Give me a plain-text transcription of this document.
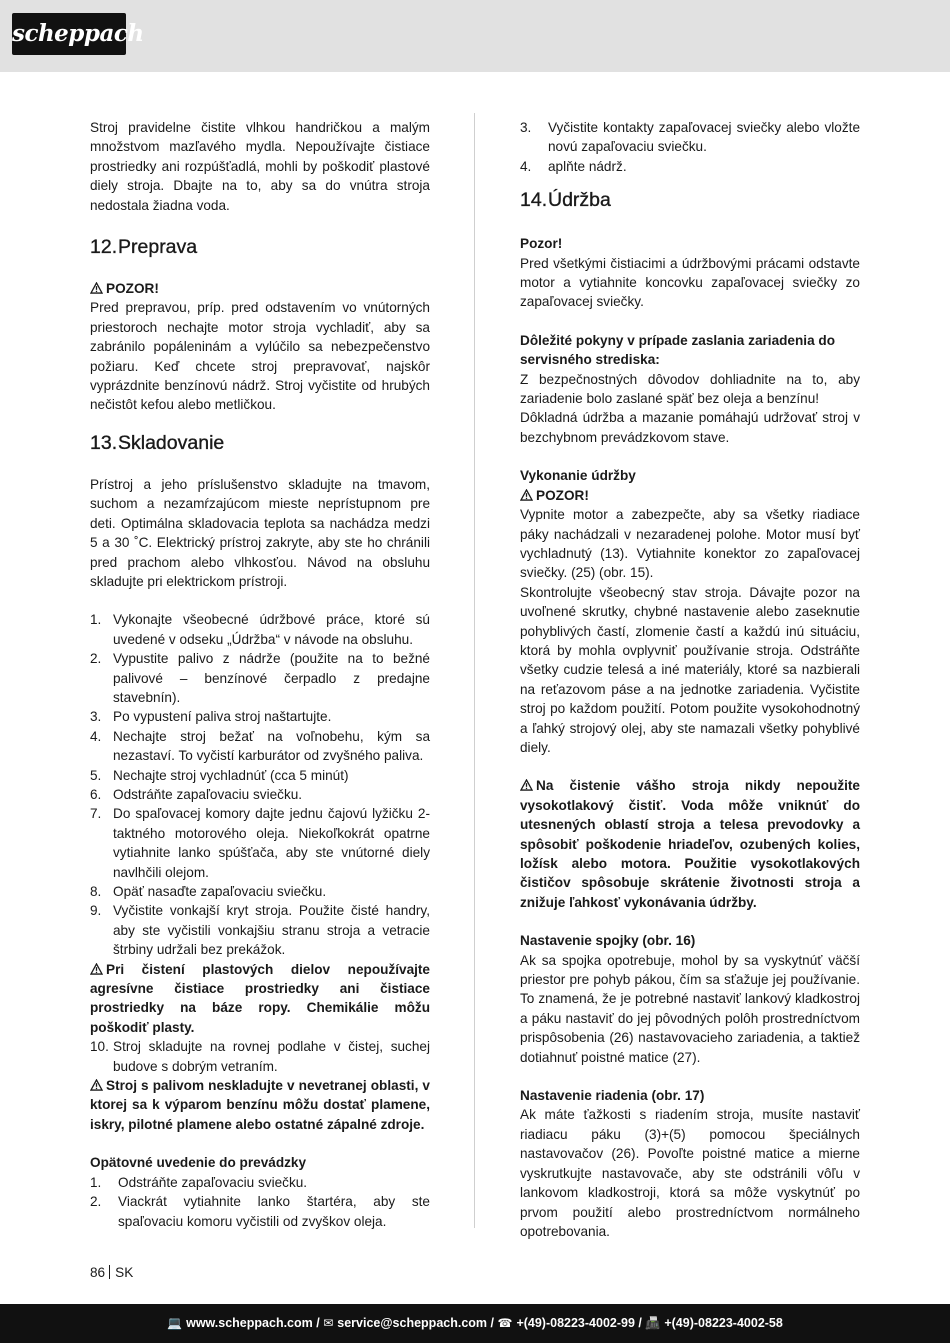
scheppach

Stroj pravidelne čistite vlhkou handričkou a malým množstvom mazľavého mydla. Nepoužívajte čistiace prostriedky ani rozpúšťadlá, mohli by poškodiť plastové diely stroja. Dbajte na to, aby sa do vnútra stroja nedostala žiadna voda.

12.Preprava

POZOR!

Pred prepravou, príp. pred odstavením vo vnútorných priestoroch nechajte motor stroja vychladiť, aby sa zabránilo popáleninám a vylúčilo sa nebezpečenstvo požiaru. Keď chcete stroj prepravovať, najskôr vyprázdnite benzínovú nádrž. Stroj vyčistite od hrubých nečistôt kefou alebo metličkou.

13.Skladovanie

Prístroj a jeho príslušenstvo skladujte na tmavom, suchom a nezamŕzajúcom mieste neprístupnom pre deti. Optimálna skladovacia teplota sa nachádza medzi 5 a 30 ˚C. Elektrický prístroj zakryte, aby ste ho chránili pred prachom alebo vlhkosťou. Návod na obsluhu skladujte pri elektrickom prístroji.

1. Vykonajte všeobecné údržbové práce, ktoré sú uvedené v odseku „Údržba“ v návode na obsluhu.
2. Vypustite palivo z nádrže (použite na to bežné palivové – benzínové čerpadlo z predajne stavebnín).
3. Po vypustení paliva stroj naštartujte.
4. Nechajte stroj bežať na voľnobehu, kým sa nezastaví. To vyčistí karburátor od zvyšného paliva.
5. Nechajte stroj vychladnúť (cca 5 minút)
6. Odstráňte zapaľovaciu sviečku.
7. Do spaľovacej komory dajte jednu čajovú lyžičku 2-taktného motorového oleja. Niekoľkokrát opatrne vytiahnite lanko spúšťača, aby ste vnútorné diely navlhčili olejom.
8. Opäť nasaďte zapaľovaciu sviečku.
9. Vyčistite vonkajší kryt stroja. Použite čisté handry, aby ste vyčistili vonkajšiu stranu stroja a vetracie štrbiny udržali bez prekážok.

Pri čistení plastových dielov nepoužívajte agresívne čistiace prostriedky ani čistiace prostriedky na báze ropy. Chemikálie môžu poškodiť plasty.

10. Stroj skladujte na rovnej podlahe v čistej, suchej budove s dobrým vetraním.

Stroj s palivom neskladujte v nevetranej oblasti, v ktorej sa k výparom benzínu môžu dostať plamene, iskry, pilotné plamene alebo ostatné zápalné zdroje.

Opätovné uvedenie do prevádzky

1. Odstráňte zapaľovaciu sviečku.
2. Viackrát vytiahnite lanko štartéra, aby ste spaľovaciu komoru vyčistili od zvyškov oleja.
3. Vyčistite kontakty zapaľovacej sviečky alebo vložte novú zapaľovaciu sviečku.
4. aplňte nádrž.
14.Údržba

Pozor!

Pred všetkými čistiacimi a údržbovými prácami odstavte motor a vytiahnite koncovku zapaľovacej sviečky zo zapaľovacej sviečky.

Dôležité pokyny v prípade zaslania zariadenia do servisného strediska:

Z bezpečnostných dôvodov dohliadnite na to, aby zariadenie bolo zaslané späť bez oleja a benzínu!

Dôkladná údržba a mazanie pomáhajú udržovať stroj v bezchybnom prevádzkovom stave.

Vykonanie údržby

POZOR!

Vypnite motor a zabezpečte, aby sa všetky riadiace páky nachádzali v nezaradenej polohe. Motor musí byť vychladnutý (13). Vytiahnite konektor zo zapaľovacej sviečky. (25) (obr. 15).

Skontrolujte všeobecný stav stroja. Dávajte pozor na uvoľnené skrutky, chybné nastavenie alebo zaseknutie pohyblivých častí, zlomenie častí a každú inú situáciu, ktorá by mohla ovplyvniť používanie stroja. Odstráňte všetky cudzie telesá a iné materiály, ktoré sa nazbierali na reťazovom páse a na jednotke zariadenia. Vyčistite stroj po každom použití. Potom použite vysokohodnotný a ľahký strojový olej, aby ste namazali všetky pohyblivé diely.

Na čistenie vášho stroja nikdy nepoužite vysokotlakový čistiť. Voda môže vniknúť do utesnených oblastí stroja a telesa prevodovky a spôsobiť poškodenie hriadeľov, ozubených kolies, ložísk alebo motora. Použitie vysokotlakových čističov spôsobuje skrátenie životnosti stroja a znižuje ľahkosť vykonávania údržby.

Nastavenie spojky (obr. 16)

Ak sa spojka opotrebuje, mohol by sa vyskytnúť väčší priestor pre pohyb pákou, čím sa sťažuje jej používanie. To znamená, že je potrebné nastaviť lankový kladkostroj a páku nastaviť do jej pôvodných polôh prostredníctvom prispôsobenia (26) nastavovacieho zariadenia, a taktiež dotiahnuť poistné matice (27).

Nastavenie riadenia (obr. 17)

Ak máte ťažkosti s riadením stroja, musíte nastaviť riadiacu páku (3)+(5) pomocou špeciálnych nastavovačov (26). Povoľte poistné matice a mierne vyskrutkujte nastavovače, aby ste odstránili vôľu v lankovom kladkostroji, ktorá sa môže vyskytnúť po prvom použití alebo prostredníctvom normálneho opotrebovania.

86 SK
💻 www.scheppach.com / ✉ service@scheppach.com / ☎ +(49)-08223-4002-99 / 📠 +(49)-08223-4002-58
